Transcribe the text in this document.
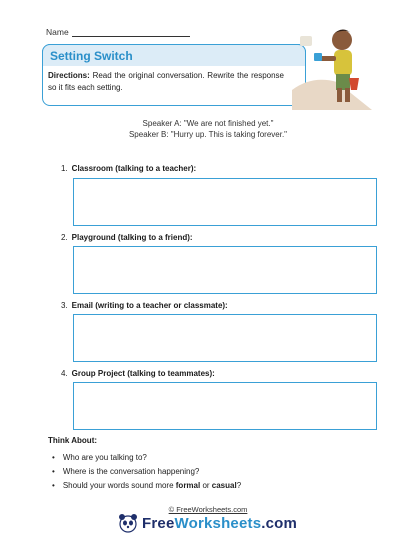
Name
Setting Switch
Directions: Read the original conversation. Rewrite the response so it fits each setting.
Speaker A: "We are not finished yet."
Speaker B: "Hurry up. This is taking forever."
1. Classroom (talking to a teacher):
2. Playground (talking to a friend):
3. Email (writing to a teacher or classmate):
4. Group Project (talking to teammates):
Think About:
• Who are you talking to?
• Where is the conversation happening?
• Should your words sound more formal or casual?
© FreeWorksheets.com
FreeWorksheets.com
